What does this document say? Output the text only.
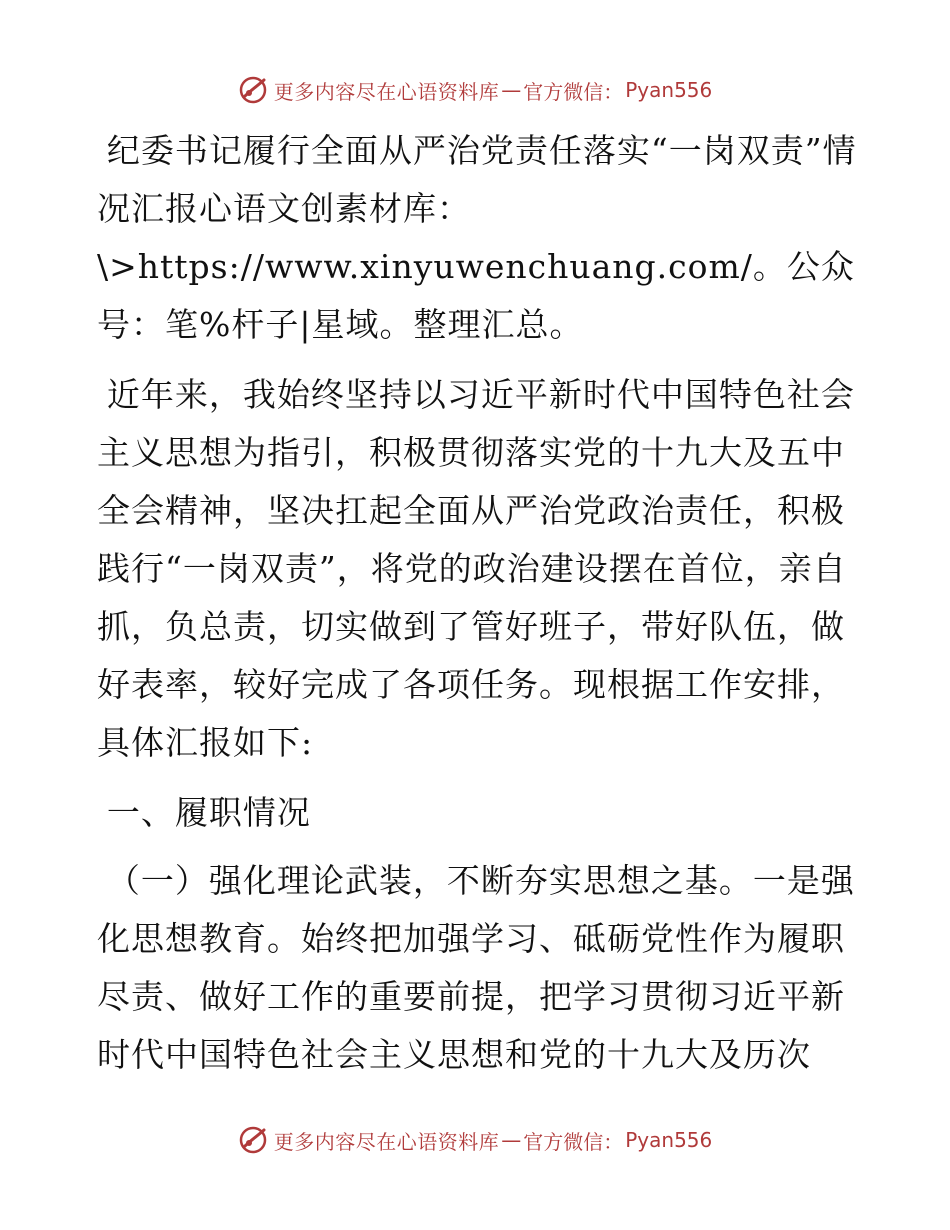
更多内容尽在心语资料库 — 官方微信： Pyan556

纪委书记履行全面从严治党责任落实“一岗双责”情况汇报心语文创素材库：\>https://www.xinyuwenchuang.com/。公众号：笔%杆子|星域。整理汇总。

近年来，我始终坚持以习近平新时代中国特色社会主义思想为指引，积极贯彻落实党的十九大及五中全会精神，坚决扛起全面从严治党政治责任，积极践行“一岗双责”，将党的政治建设摆在首位，亲自抓，负总责，切实做到了管好班子，带好队伍，做好表率，较好完成了各项任务。现根据工作安排，具体汇报如下:

一、履职情况

（一）强化理论武装，不断夯实思想之基。一是强化思想教育。始终把加强学习、砥砺党性作为履职尽责、做好工作的重要前提，把学习贯彻习近平新时代中国特色社会主义思想和党的十九大及历次

更多内容尽在心语资料库 — 官方微信： Pyan556
